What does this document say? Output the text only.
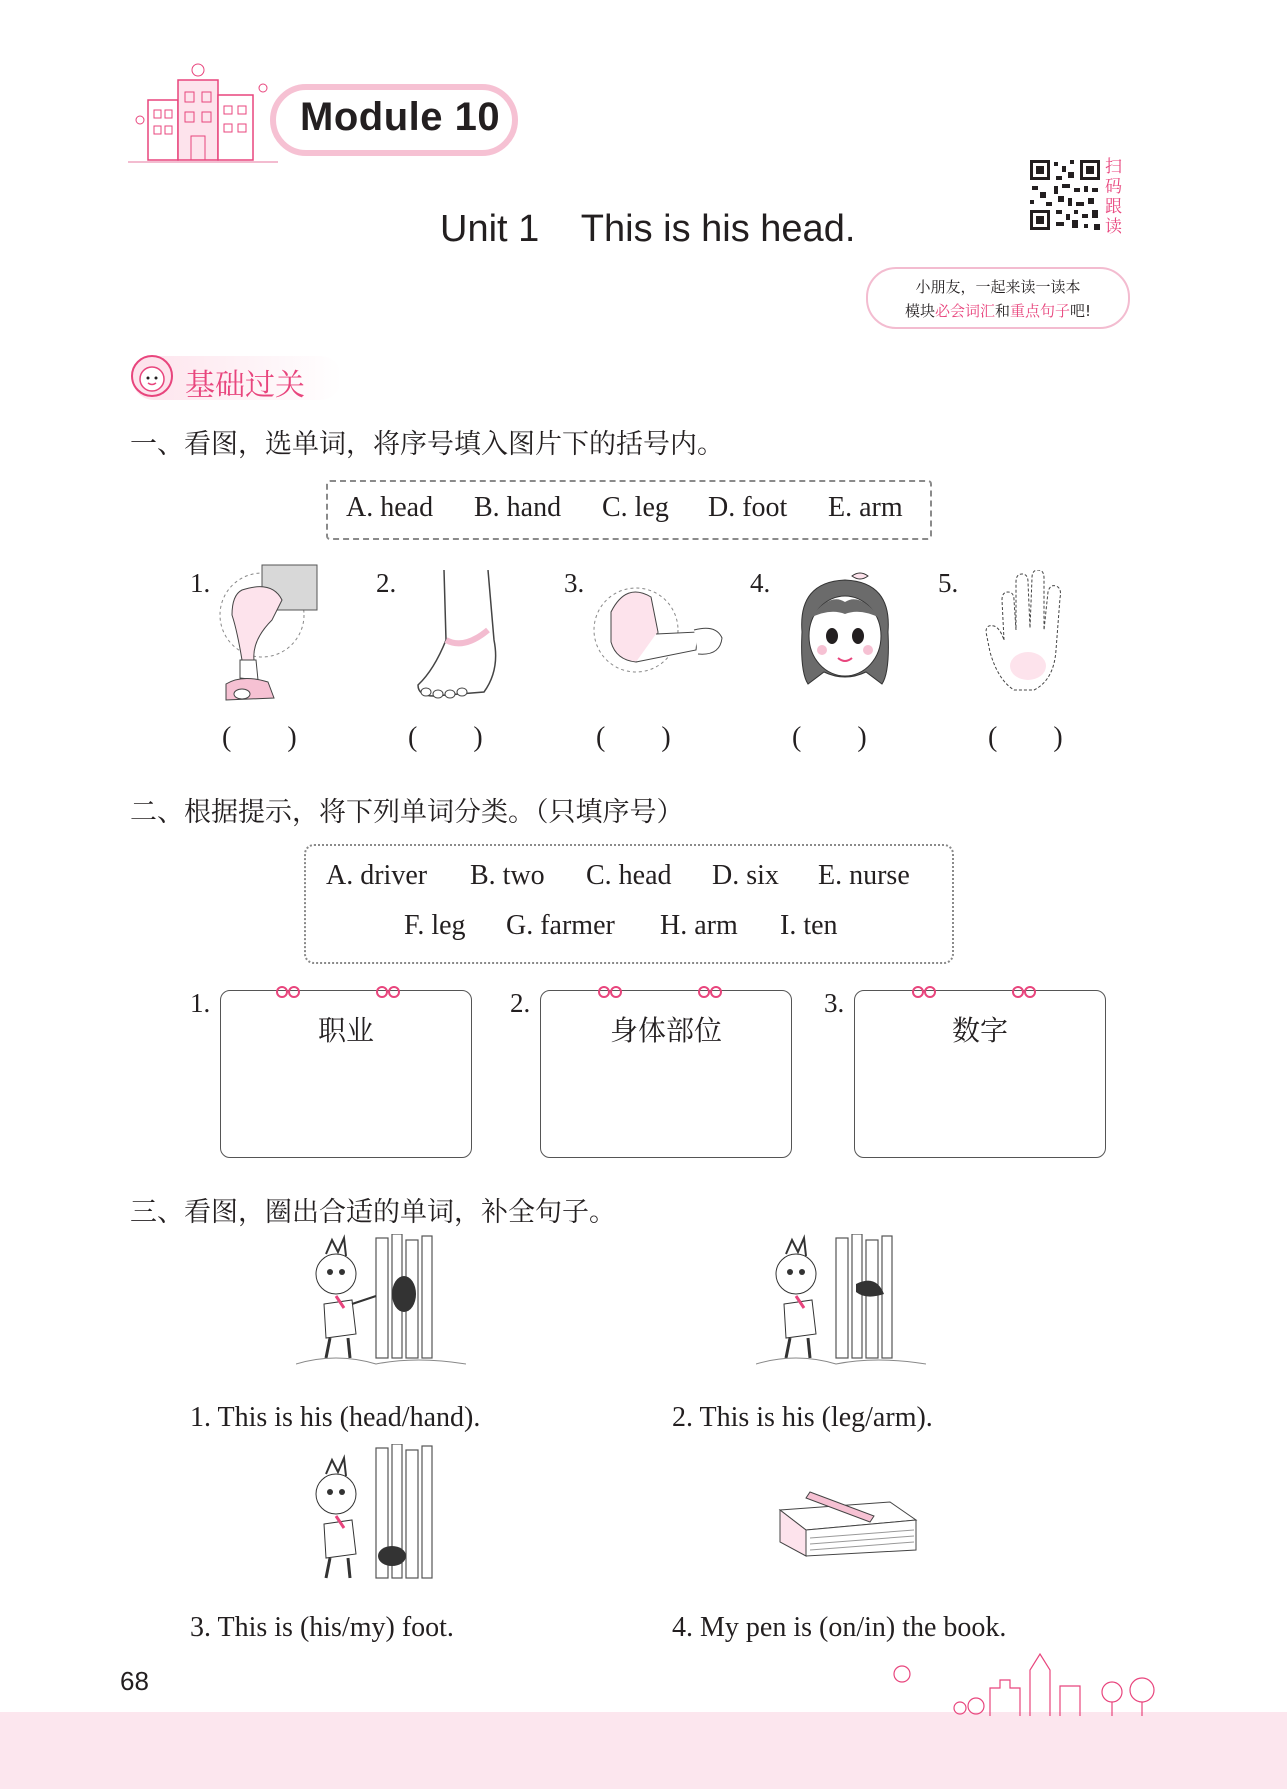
Module 10
Unit 1    This is his head.
扫
码
跟
读
小朋友，一起来读一读本
模块必会词汇和重点句子吧!
基础过关
一、看图，选单词，将序号填入图片下的括号内。
A. head B. hand C. leg D. foot E. arm
1.
(        )
2.
(        )
3.
(        )
4.
(        )
5.
(        )
二、根据提示，将下列单词分类。（只填序号）
A. driver B. two C. head D. six E. nurse
F. leg G. farmer H. arm I. ten
1.
职业
2.
身体部位
3.
数字
三、看图，圈出合适的单词，补全句子。
1. This is his (head/hand).	2. This is his (leg/arm).
3. This is (his/my) foot.	4. My pen is (on/in) the book.
68
